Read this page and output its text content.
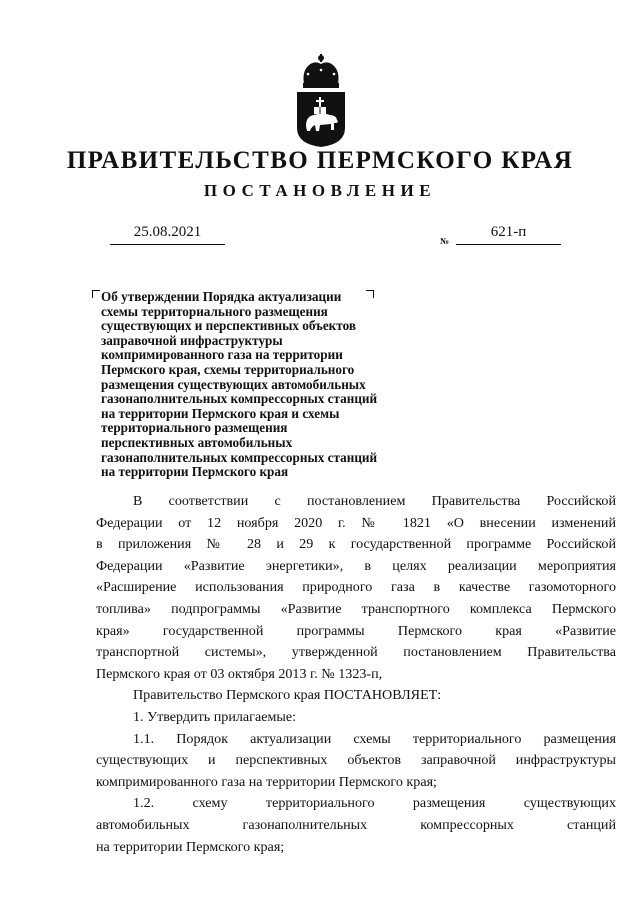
ПРАВИТЕЛЬСТВО ПЕРМСКОГО КРАЯ
ПОСТАНОВЛЕНИЕ
25.08.2021
№
621-п
Об утверждении Порядка актуализации
схемы территориального размещения
существующих и перспективных объектов
заправочной инфраструктуры
компримированного газа на территории
Пермского края, схемы территориального
размещения существующих автомобильных
газонаполнительных компрессорных станций
на территории Пермского края и схемы
территориального размещения
перспективных автомобильных
газонаполнительных компрессорных станций
на территории Пермского края

В соответствии с постановлением Правительства Российской

Федерации от 12 ноября 2020 г. № 1821 «О внесении изменений

в приложения № 28 и 29 к государственной программе Российской

Федерации «Развитие энергетики», в целях реализации мероприятия

«Расширение использования природного газа в качестве газомоторного

топлива» подпрограммы «Развитие транспортного комплекса Пермского

края» государственной программы Пермского края «Развитие

транспортной системы», утвержденной постановлением Правительства

Пермского края от 03 октября 2013 г. № 1323-п,

Правительство Пермского края ПОСТАНОВЛЯЕТ:

1. Утвердить прилагаемые:

1.1. Порядок актуализации схемы территориального размещения

существующих и перспективных объектов заправочной инфраструктуры

компримированного газа на территории Пермского края;

1.2. схему территориального размещения существующих

автомобильных газонаполнительных компрессорных станций

на территории Пермского края;
